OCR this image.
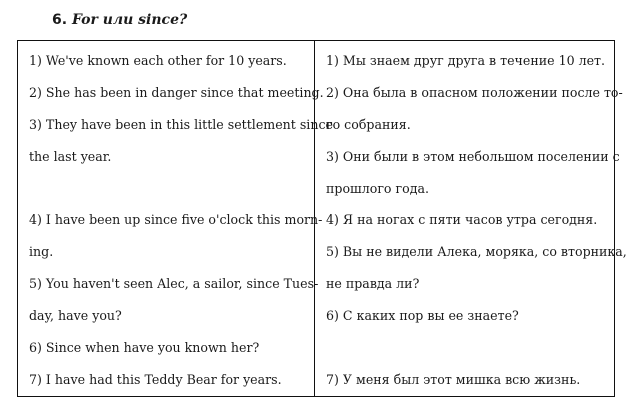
6. For или since?
1) We've known each other for 10 years.
2) She has been in danger since that meeting.
3) They have been in this little settlement since
the last year.
4) I have been up since five o'clock this morn-
ing.
5) You haven't seen Alec, a sailor, since Tues-
day, have you?
6) Since when have you known her?
7) I have had this Teddy Bear for years.
1) Мы знаем друг друга в течение 10 лет.
2) Она была в опасном положении после то-
го собрания.
3) Они были в этом небольшом поселении с
прошлого года.
4) Я на ногах с пяти часов утра сегодня.
5) Вы не видели Алека, моряка, со вторника,
не правда ли?
6) С каких пор вы ее знаете?
7) У меня был этот мишка всю жизнь.
